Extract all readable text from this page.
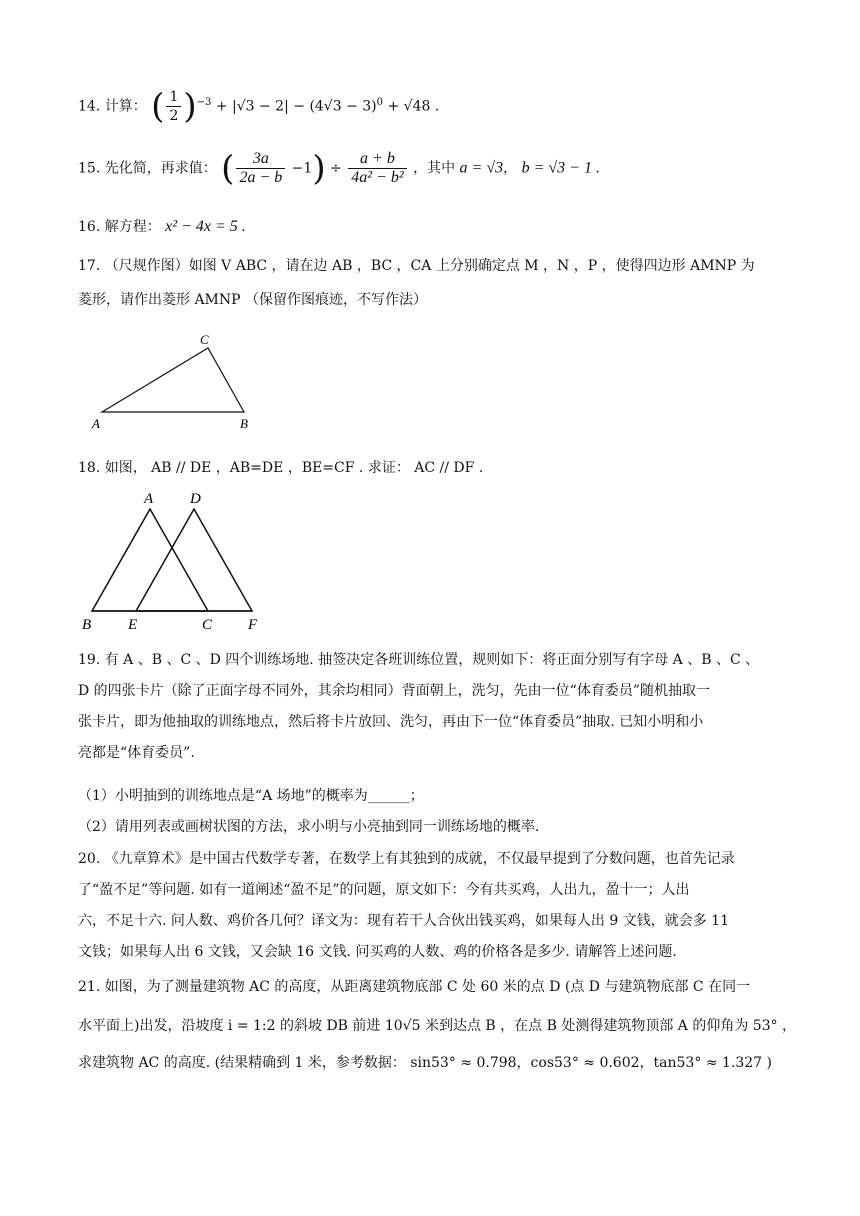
14. 计算： ( $\frac{1}{2} )^{-3} + |√3 - 2| - (4√3 - 3)^0 + √48$ .
15. 先化简，再求值： ( $\frac{3a}{2a - b} -1) \div \frac{a + b}{\text{4a² − b²}}$ ，其中 a = √3， b = √3 − 1 .
16. 解方程： x² − 4x = 5 .
17. （尺规作图）如图 V ABC ，请在边 AB ，BC ，CA 上分别确定点 M ，N ，P ，使得四边形 AMNP 为
菱形，请作出菱形 AMNP （保留作图痕迹，不写作法）
A	B
C
18. 如图， AB // DE ，AB=DE ，BE=CF . 求证： AC // DF .
A D
B E	C F
19. 有 A 、B 、C 、D 四个训练场地. 抽签决定各班训练位置，规则如下：将正面分别写有字母 A 、B 、C 、
D 的四张卡片（除了正面字母不同外，其余均相同）背面朝上，洗匀，先由一位“体育委员”随机抽取一
张卡片，即为他抽取的训练地点，然后将卡片放回、洗匀，再由下一位“体育委员”抽取. 已知小明和小
亮都是“体育委员”.
（1）小明抽到的训练地点是“A 场地”的概率为______；
（2）请用列表或画树状图的方法，求小明与小亮抽到同一训练场地的概率.
20. 《九章算术》是中国古代数学专著，在数学上有其独到的成就，不仅最早提到了分数问题，也首先记录
了“盈不足”等问题. 如有一道阐述“盈不足”的问题，原文如下：今有共买鸡，人出九，盈十一；人出
六，不足十六. 问人数、鸡价各几何？译文为：现有若干人合伙出钱买鸡，如果每人出 9 文钱，就会多 11
文钱；如果每人出 6 文钱，又会缺 16 文钱. 问买鸡的人数、鸡的价格各是多少. 请解答上述问题.
21. 如图，为了测量建筑物 AC 的高度，从距离建筑物底部 C 处 60 米的点 D (点 D 与建筑物底部 C 在同一
水平面上)出发，沿坡度 i = 1:2 的斜坡 DB 前进 10√5 米到达点 B ，在点 B 处测得建筑物顶部 A 的仰角为 53° ，
求建筑物 AC 的高度. (结果精确到 1 米，参考数据： sin53° ≈ 0.798，cos53° ≈ 0.602，tan53° ≈ 1.327 )
